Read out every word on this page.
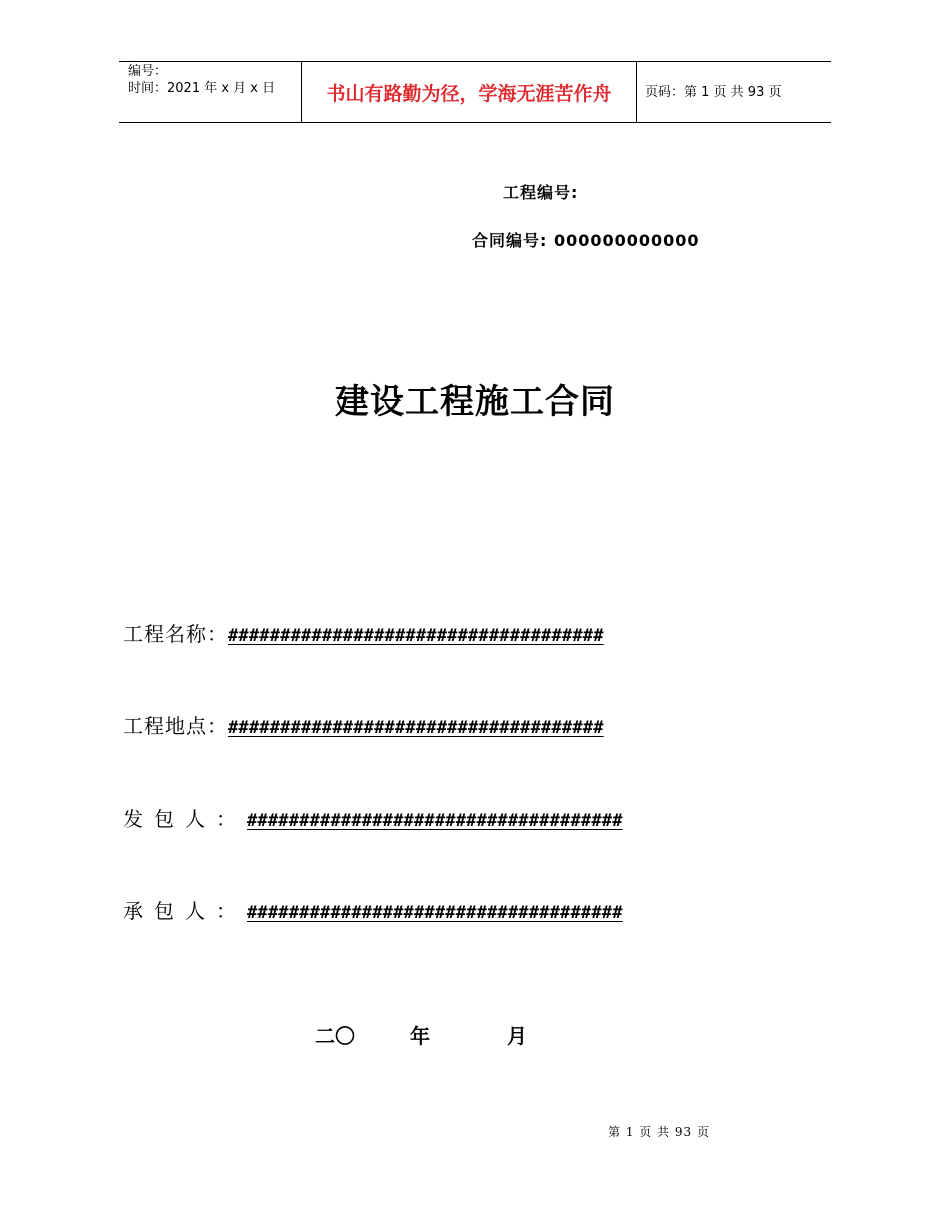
编号：
时间：2021 年 x 月 x 日	书山有路勤为径，学海无涯苦作舟	页码：第 1 页 共 93 页
工程编号:
合同编号: 000000000000
建设工程施工合同
工程名称： ####################################
工程地点： ####################################
发包人： ####################################
承包人： ####################################
二〇	年	月
第 1 页 共 93 页
